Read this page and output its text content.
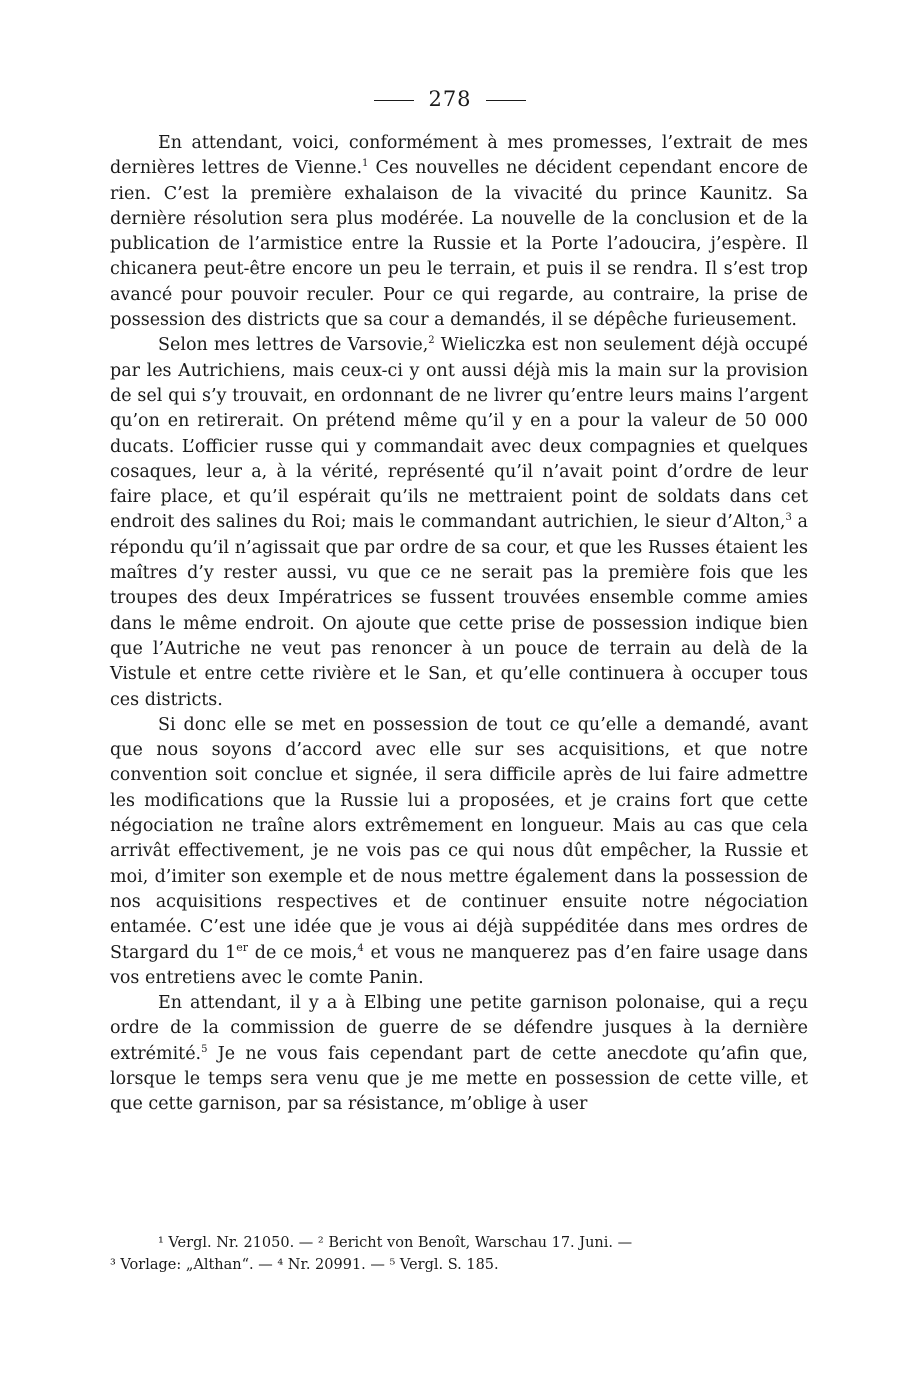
278

En attendant, voici, conformément à mes promesses, l’extrait de mes dernières lettres de Vienne.$^1$ Ces nouvelles ne décident cependant encore de rien. C’est la première exhalaison de la vivacité du prince Kaunitz. Sa dernière résolution sera plus modérée. La nouvelle de la conclusion et de la publication de l’armistice entre la Russie et la Porte l’adoucira, j’espère. Il chicanera peut-être encore un peu le terrain, et puis il se rendra. Il s’est trop avancé pour pouvoir reculer. Pour ce qui regarde, au contraire, la prise de possession des districts que sa cour a demandés, il se dépêche furieusement.

Selon mes lettres de Varsovie,$^2$ Wieliczka est non seulement déjà occupé par les Autrichiens, mais ceux-ci y ont aussi déjà mis la main sur la provision de sel qui s’y trouvait, en ordonnant de ne livrer qu’entre leurs mains l’argent qu’on en retirerait. On prétend même qu’il y en a pour la valeur de 50 000 ducats. L’officier russe qui y commandait avec deux compagnies et quelques cosaques, leur a, à la vérité, représenté qu’il n’avait point d’ordre de leur faire place, et qu’il espérait qu’ils ne mettraient point de soldats dans cet endroit des salines du Roi; mais le commandant autrichien, le sieur d’Alton,$^3$ a répondu qu’il n’agissait que par ordre de sa cour, et que les Russes étaient les maîtres d’y rester aussi, vu que ce ne serait pas la première fois que les troupes des deux Impératrices se fussent trouvées ensemble comme amies dans le même endroit. On ajoute que cette prise de possession indique bien que l’Autriche ne veut pas renoncer à un pouce de terrain au delà de la Vistule et entre cette rivière et le San, et qu’elle continuera à occuper tous ces districts.

Si donc elle se met en possession de tout ce qu’elle a demandé, avant que nous soyons d’accord avec elle sur ses acquisitions, et que notre convention soit conclue et signée, il sera difficile après de lui faire admettre les modifications que la Russie lui a proposées, et je crains fort que cette négociation ne traîne alors extrêmement en longueur. Mais au cas que cela arrivât effectivement, je ne vois pas ce qui nous dût empêcher, la Russie et moi, d’imiter son exemple et de nous mettre également dans la possession de nos acquisitions respectives et de continuer ensuite notre négociation entamée. C’est une idée que je vous ai déjà suppéditée dans mes ordres de Stargard du 1er de ce mois,$^4$ et vous ne manquerez pas d’en faire usage dans vos entretiens avec le comte Panin.

En attendant, il y a à Elbing une petite garnison polonaise, qui a reçu ordre de la commission de guerre de se défendre jusques à la dernière extrémité.$^5$ Je ne vous fais cependant part de cette anecdote qu’afin que, lorsque le temps sera venu que je me mette en possession de cette ville, et que cette garnison, par sa résistance, m’oblige à user

¹ Vergl. Nr. 21050. — ² Bericht von Benoît, Warschau 17. Juni. —
³ Vorlage: „Althan“. — ⁴ Nr. 20991. — ⁵ Vergl. S. 185.
